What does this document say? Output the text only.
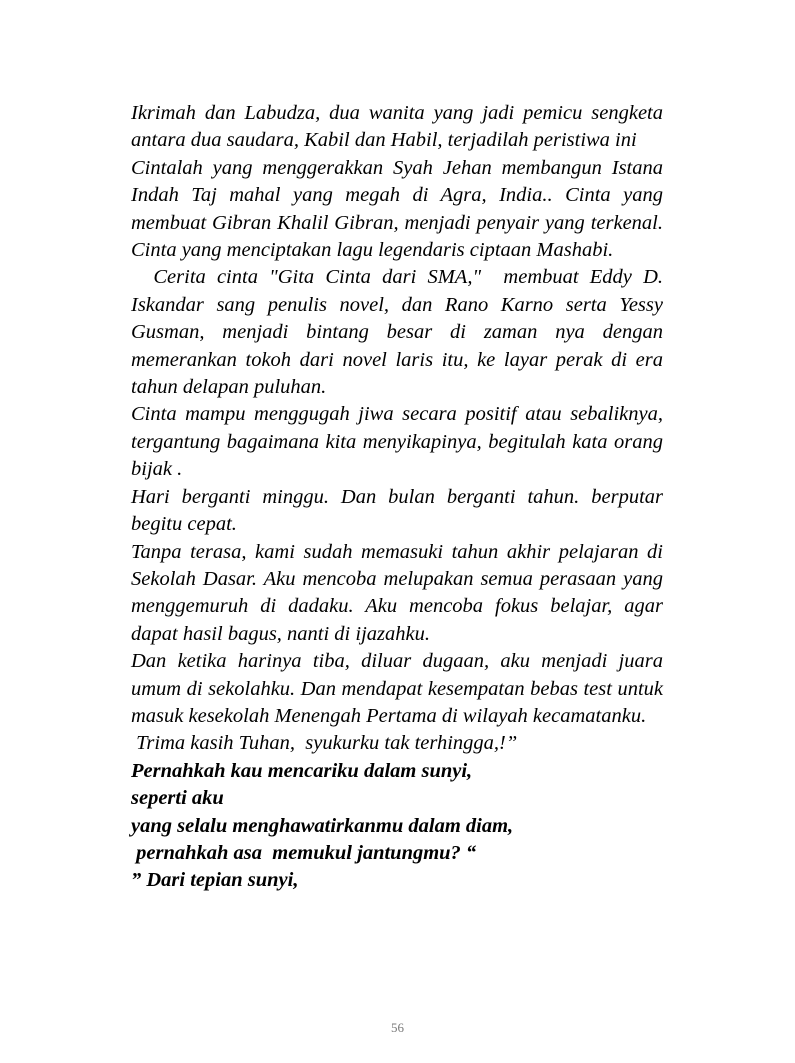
Ikrimah dan Labudza, dua wanita yang jadi pemicu sengketa antara dua saudara, Kabil dan Habil, terjadilah peristiwa ini

Cintalah yang menggerakkan Syah Jehan membangun Istana Indah Taj mahal yang megah di Agra, India.. Cinta yang membuat Gibran Khalil Gibran, menjadi penyair yang terkenal. Cinta yang menciptakan lagu legendaris ciptaan Mashabi.

Cerita cinta "Gita Cinta dari SMA,"  membuat Eddy D. Iskandar sang penulis novel, dan Rano Karno serta Yessy Gusman, menjadi bintang besar di zaman nya dengan memerankan tokoh dari novel laris itu, ke layar perak di era tahun delapan puluhan.

Cinta mampu menggugah jiwa secara positif atau sebaliknya, tergantung bagaimana kita menyikapinya, begitulah kata orang bijak .

Hari berganti minggu. Dan bulan berganti tahun. berputar begitu cepat.

Tanpa terasa, kami sudah memasuki tahun akhir pelajaran di Sekolah Dasar. Aku mencoba melupakan semua perasaan yang menggemuruh di dadaku. Aku mencoba fokus belajar, agar dapat hasil bagus, nanti di ijazahku.

Dan ketika harinya tiba, diluar dugaan, aku menjadi juara umum di sekolahku. Dan mendapat kesempatan bebas test untuk masuk kesekolah Menengah Pertama di wilayah kecamatanku.

Trima kasih Tuhan,  syukurku tak terhingga,!”

Pernahkah kau mencariku dalam sunyi,

seperti aku

yang selalu menghawatirkanmu dalam diam,

pernahkah asa  memukul jantungmu? “

” Dari tepian sunyi,

56
